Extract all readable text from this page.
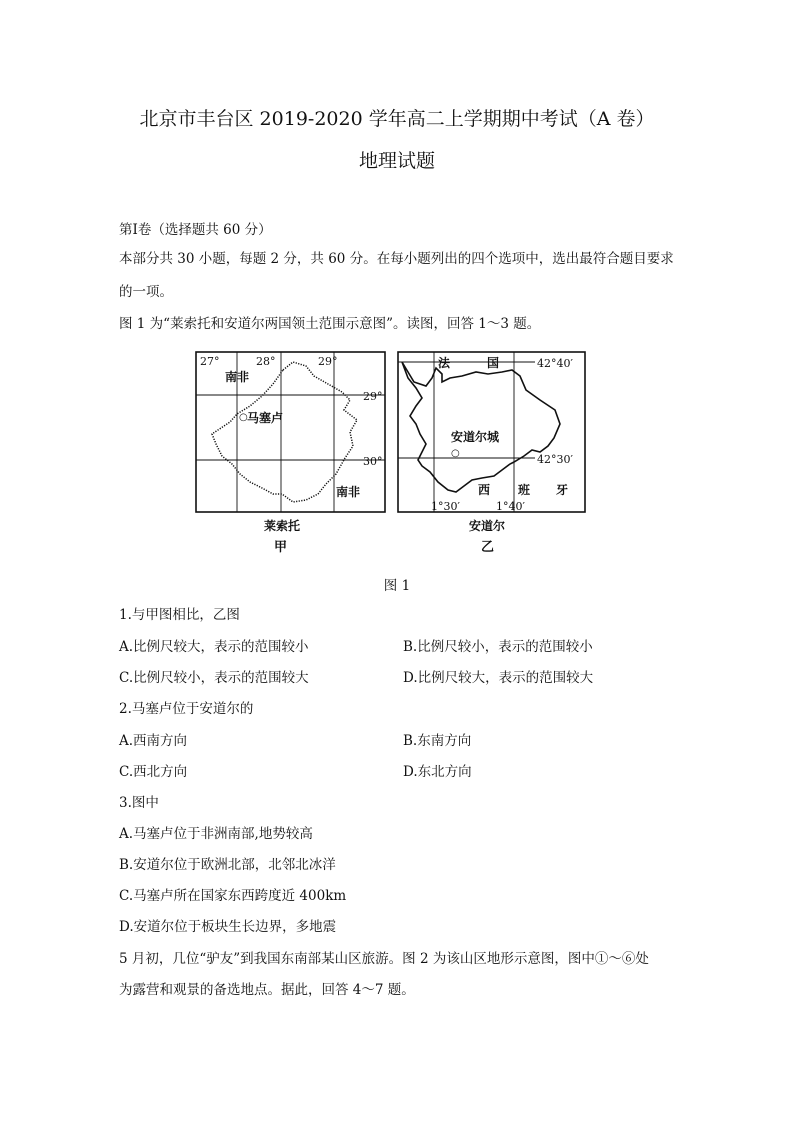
北京市丰台区 2019-2020 学年高二上学期期中考试（A 卷）
地理试题
第Ⅰ卷（选择题共 60 分）
本部分共 30 小题，每题 2 分，共 60 分。在每小题列出的四个选项中，选出最符合题目要求
的一项。
图 1 为“莱索托和安道尔两国领土范围示意图”。读图，回答 1～3 题。
27°	28°	29°
29°
30°
南非
南非
○ 马塞卢
莱索托
甲
法	国	42°40′
42°30′
安道尔城
○
西 班 牙
1°30′	1°40′
安道尔
乙
图 1
1.与甲图相比，乙图
A.比例尺较大，表示的范围较小	B.比例尺较小，表示的范围较小
C.比例尺较小，表示的范围较大	D.比例尺较大，表示的范围较大
2.马塞卢位于安道尔的
A.西南方向	B.东南方向
C.西北方向	D.东北方向
3.图中
A.马塞卢位于非洲南部,地势较高
B.安道尔位于欧洲北部，北邻北冰洋
C.马塞卢所在国家东西跨度近 400km
D.安道尔位于板块生长边界，多地震
5 月初，几位“驴友”到我国东南部某山区旅游。图 2 为该山区地形示意图，图中①～⑥处
为露营和观景的备选地点。据此，回答 4～7 题。
